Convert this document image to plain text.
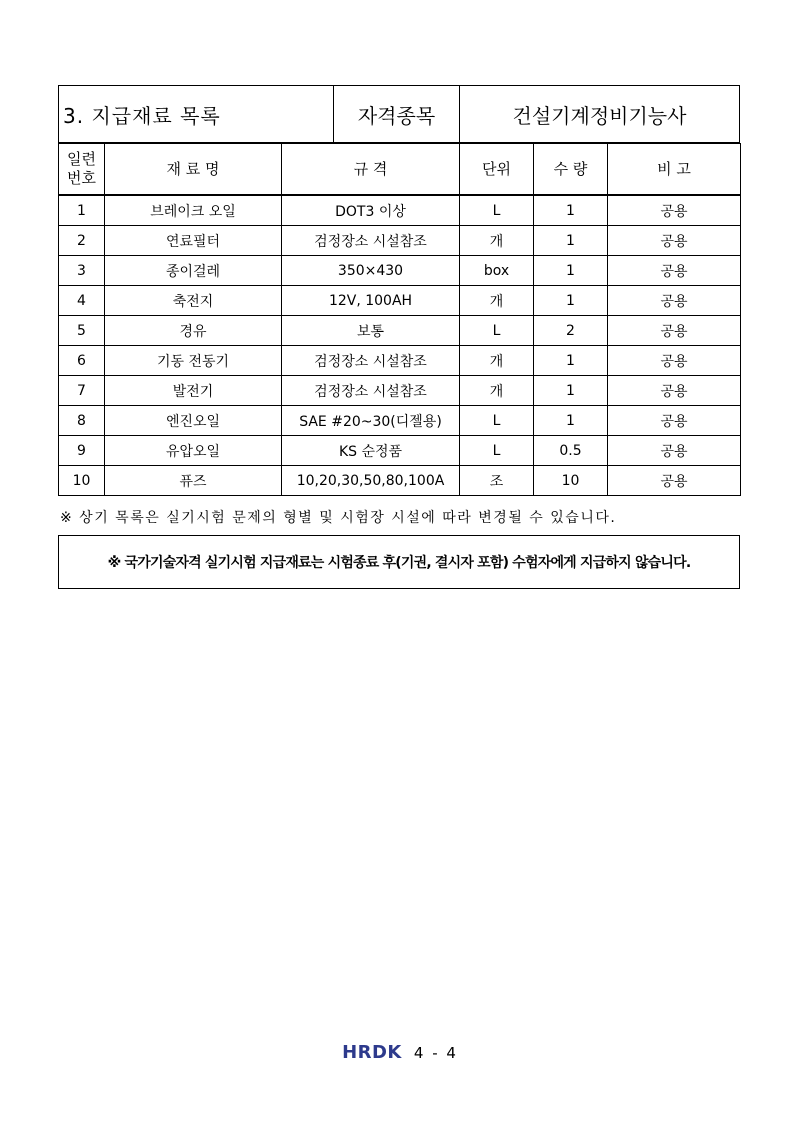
3. 지급재료 목록	자격종목	건설기계정비기능사
일련
번호	재 료 명	규 격	단위	수 량	비 고
1	브레이크 오일	DOT3 이상	L	1	공용
2	연료필터	검정장소 시설참조	개	1	공용
3	종이걸레	350×430	box	1	공용
4	축전지	12V, 100AH	개	1	공용
5	경유	보통	L	2	공용
6	기동 전동기	검정장소 시설참조	개	1	공용
7	발전기	검정장소 시설참조	개	1	공용
8	엔진오일	SAE #20~30(디젤용)	L	1	공용
9	유압오일	KS 순정품	L	0.5	공용
10	퓨즈	10,20,30,50,80,100A	조	10	공용
※ 상기 목록은 실기시험 문제의 형별 및 시험장 시설에 따라 변경될 수 있습니다.
※ 국가기술자격 실기시험 지급재료는 시험종료 후(기권, 결시자 포함) 수험자에게 지급하지 않습니다.
HRDK 4 - 4
